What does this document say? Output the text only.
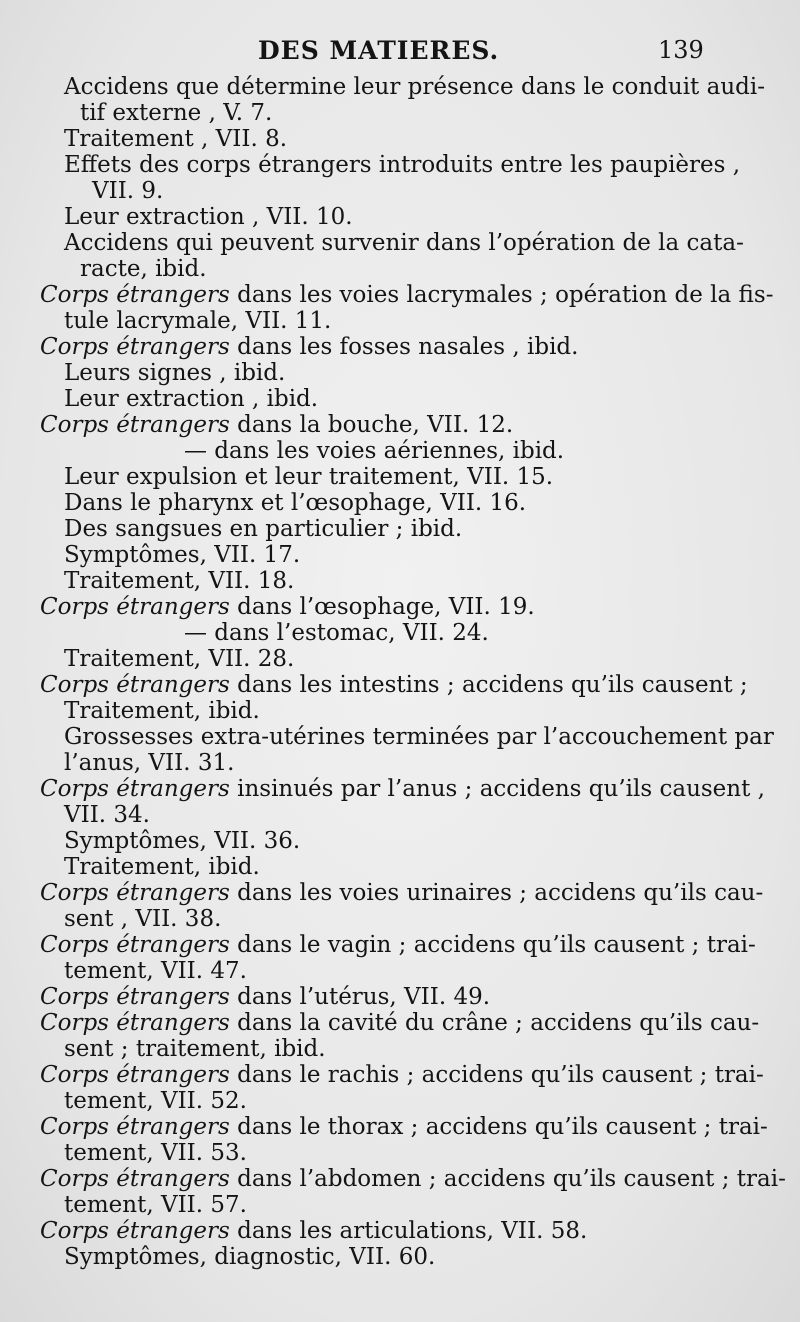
DES MATIERES.	139
Accidens que détermine leur présence dans le conduit audi-
tif externe , V. 7.
Traitement , VII. 8.
Effets des corps étrangers introduits entre les paupières ,
VII. 9.
Leur extraction , VII. 10.
Accidens qui peuvent survenir dans l’opération de la cata-
racte, ibid.
Corps étrangers dans les voies lacrymales ; opération de la fis-
tule lacrymale, VII. 11.
Corps étrangers dans les fosses nasales , ibid.
Leurs signes , ibid.
Leur extraction , ibid.
Corps étrangers dans la bouche, VII. 12.
— dans les voies aériennes, ibid.
Leur expulsion et leur traitement, VII. 15.
Dans le pharynx et l’œsophage, VII. 16.
Des sangsues en particulier ; ibid.
Symptômes, VII. 17.
Traitement, VII. 18.
Corps étrangers dans l’œsophage, VII. 19.
— dans l’estomac, VII. 24.
Traitement, VII. 28.
Corps étrangers dans les intestins ; accidens qu’ils causent ;
Traitement, ibid.
Grossesses extra-utérines terminées par l’accouchement par
l’anus, VII. 31.
Corps étrangers insinués par l’anus ; accidens qu’ils causent ,
VII. 34.
Symptômes, VII. 36.
Traitement, ibid.
Corps étrangers dans les voies urinaires ; accidens qu’ils cau-
sent , VII. 38.
Corps étrangers dans le vagin ; accidens qu’ils causent ; trai-
tement, VII. 47.
Corps étrangers dans l’utérus, VII. 49.
Corps étrangers dans la cavité du crâne ; accidens qu’ils cau-
sent ; traitement, ibid.
Corps étrangers dans le rachis ; accidens qu’ils causent ; trai-
tement, VII. 52.
Corps étrangers dans le thorax ; accidens qu’ils causent ; trai-
tement, VII. 53.
Corps étrangers dans l’abdomen ; accidens qu’ils causent ; trai-
tement, VII. 57.
Corps étrangers dans les articulations, VII. 58.
Symptômes, diagnostic, VII. 60.
